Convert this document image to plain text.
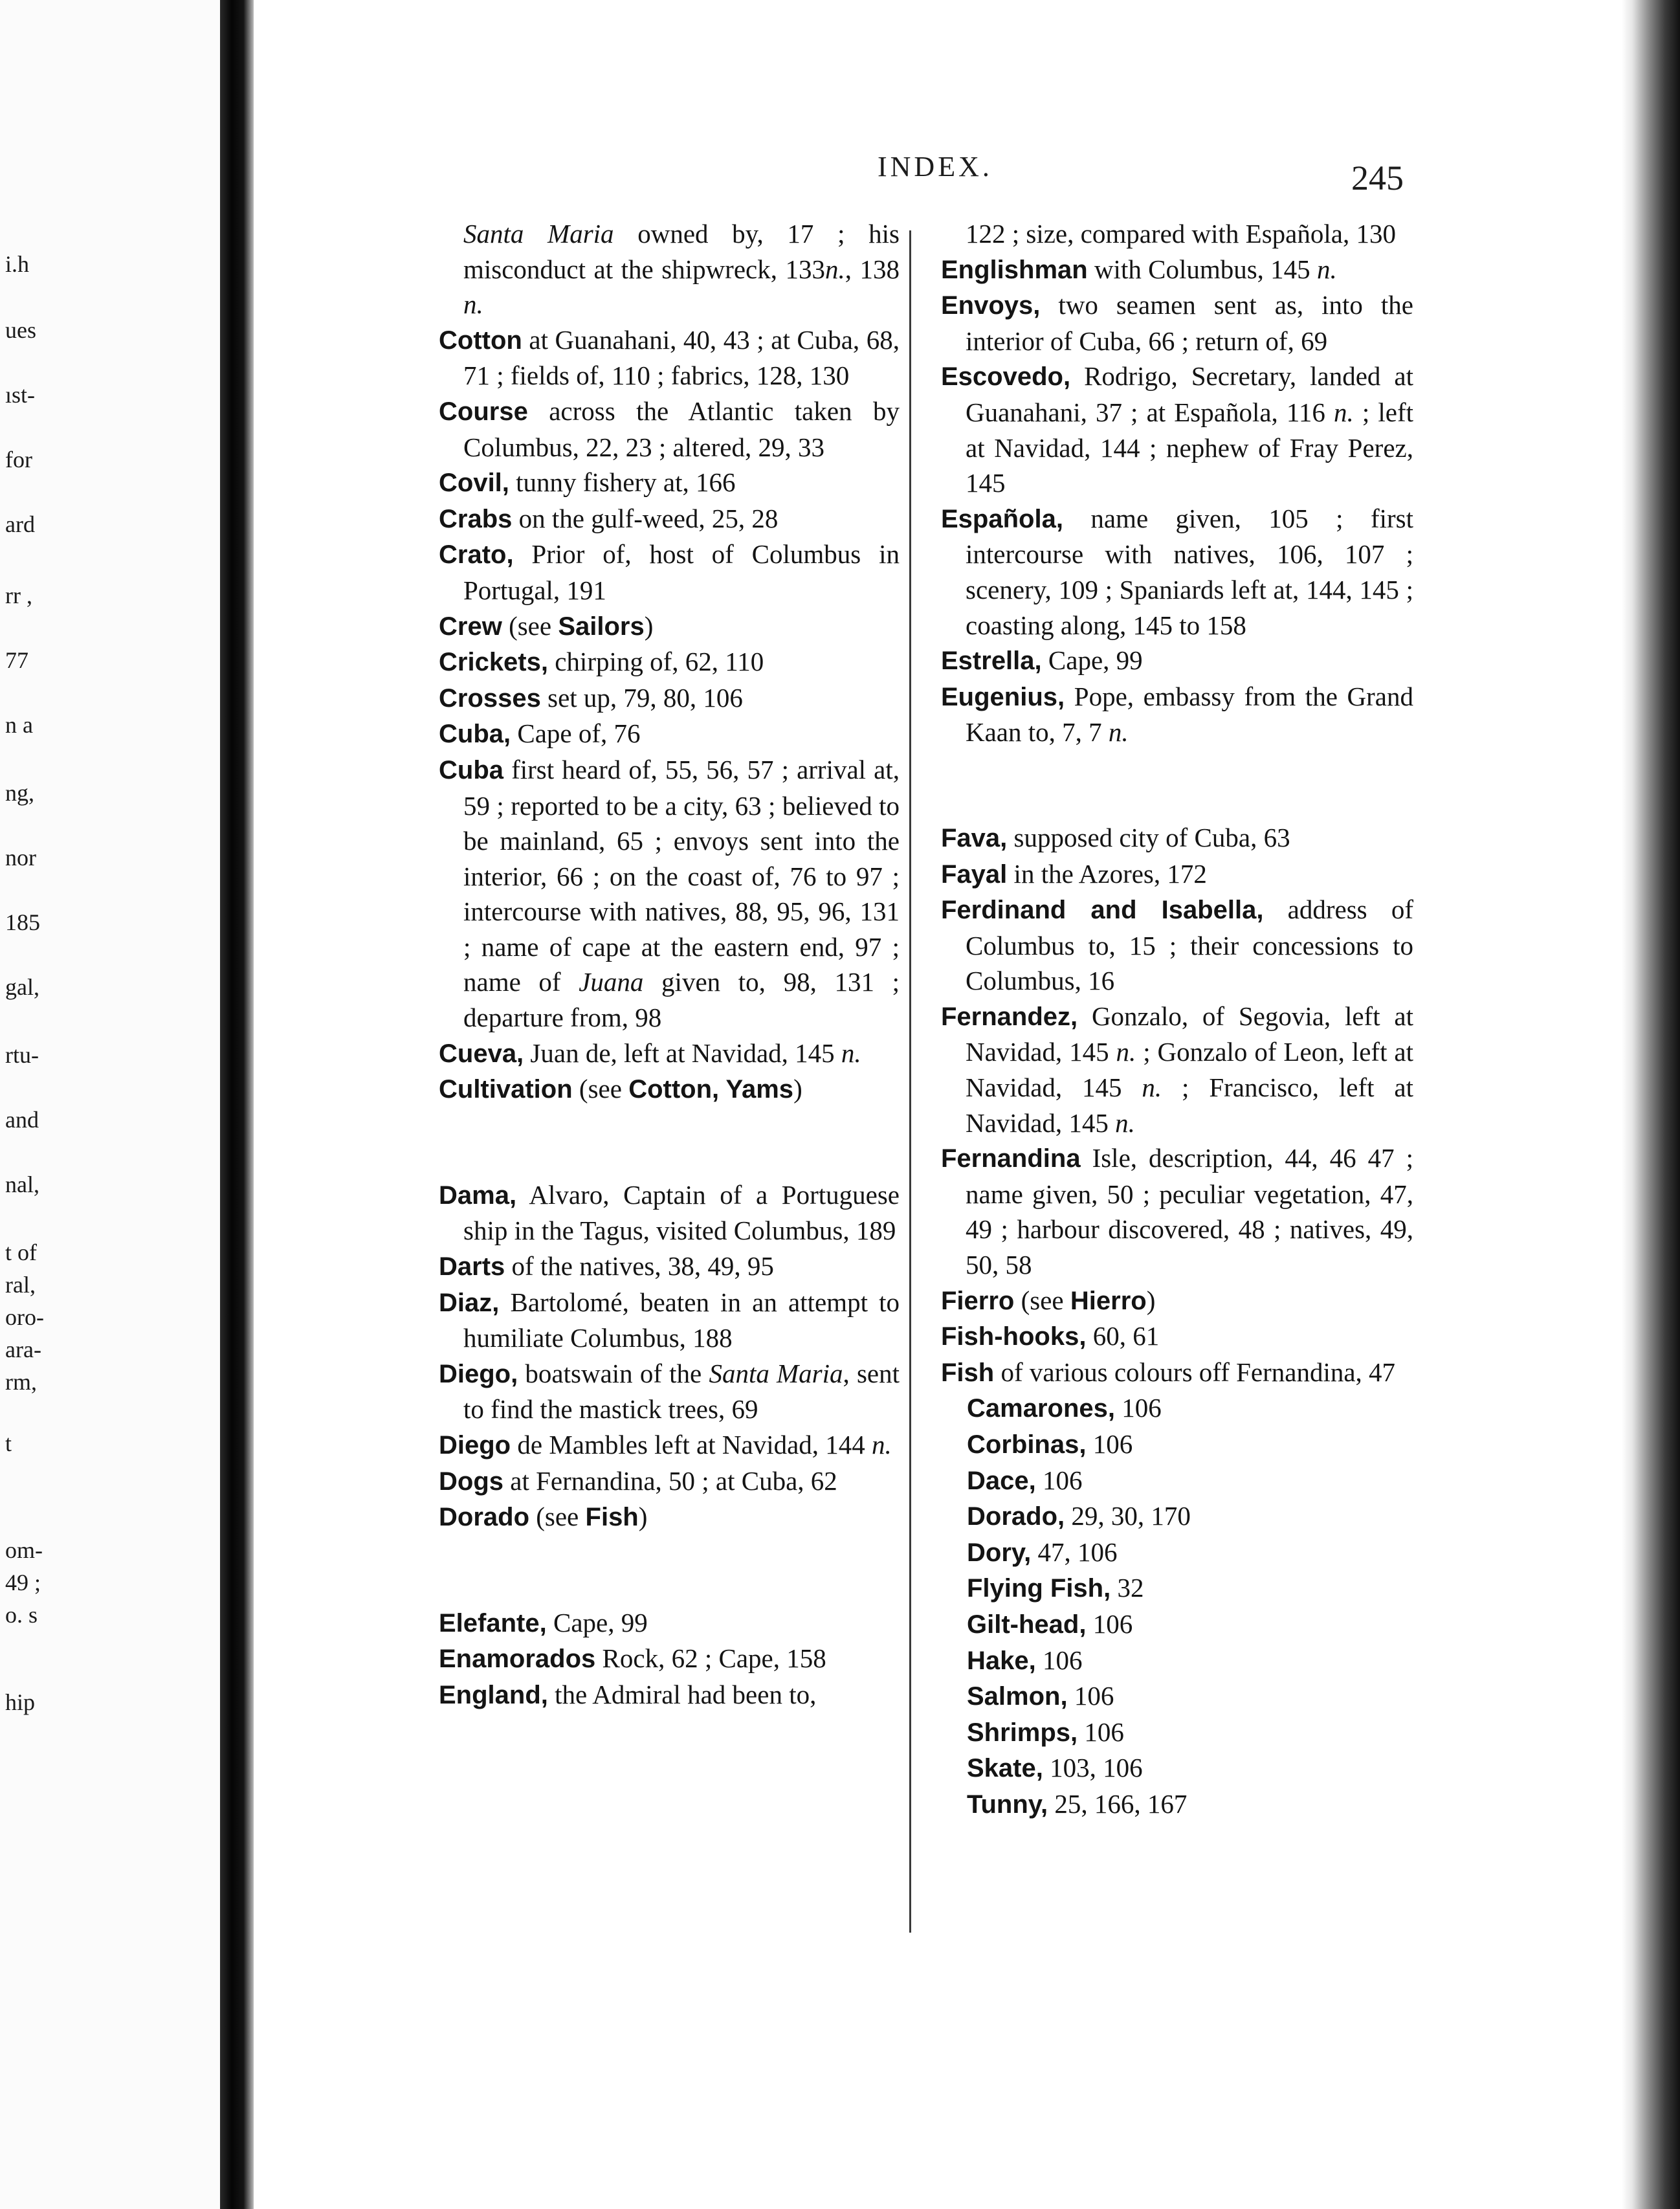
i.h
ues
ıst-
for
ard
rr ,
77
n a
ng,
nor
185
gal,
rtu-
and
nal,
t of
ral,
oro-
ara-
rm,
t
om-
49 ;
o. s
hip
INDEX.	245
Santa Maria owned by, 17 ; his misconduct at the shipwreck, 133n., 138 n.
Cotton at Guanahani, 40, 43 ; at Cuba, 68, 71 ; fields of, 110 ; fabrics, 128, 130
Course across the Atlantic taken by Columbus, 22, 23 ; altered, 29, 33
Covil, tunny fishery at, 166
Crabs on the gulf-weed, 25, 28
Crato, Prior of, host of Columbus in Portugal, 191
Crew (see Sailors)
Crickets, chirping of, 62, 110
Crosses set up, 79, 80, 106
Cuba, Cape of, 76
Cuba first heard of, 55, 56, 57 ; arrival at, 59 ; reported to be a city, 63 ; believed to be mainland, 65 ; envoys sent into the interior, 66 ; on the coast of, 76 to 97 ; intercourse with natives, 88, 95, 96, 131 ; name of cape at the eastern end, 97 ; name of Juana given to, 98, 131 ; departure from, 98
Cueva, Juan de, left at Navidad, 145 n.
Cultivation (see Cotton, Yams)
Dama, Alvaro, Captain of a Portuguese ship in the Tagus, visited Columbus, 189
Darts of the natives, 38, 49, 95
Diaz, Bartolomé, beaten in an attempt to humiliate Columbus, 188
Diego, boatswain of the Santa Maria, sent to find the mastick trees, 69
Diego de Mambles left at Navidad, 144 n.
Dogs at Fernandina, 50 ; at Cuba, 62
Dorado (see Fish)
Elefante, Cape, 99
Enamorados Rock, 62 ; Cape, 158
England, the Admiral had been to,
122 ; size, compared with Española, 130
Englishman with Columbus, 145 n.
Envoys, two seamen sent as, into the interior of Cuba, 66 ; return of, 69
Escovedo, Rodrigo, Secretary, landed at Guanahani, 37 ; at Española, 116 n. ; left at Navidad, 144 ; nephew of Fray Perez, 145
Española, name given, 105 ; first intercourse with natives, 106, 107 ; scenery, 109 ; Spaniards left at, 144, 145 ; coasting along, 145 to 158
Estrella, Cape, 99
Eugenius, Pope, embassy from the Grand Kaan to, 7, 7 n.
Fava, supposed city of Cuba, 63
Fayal in the Azores, 172
Ferdinand and Isabella, address of Columbus to, 15 ; their concessions to Columbus, 16
Fernandez, Gonzalo, of Segovia, left at Navidad, 145 n. ; Gonzalo of Leon, left at Navidad, 145 n. ; Francisco, left at Navidad, 145 n.
Fernandina Isle, description, 44, 46 47 ; name given, 50 ; peculiar vegetation, 47, 49 ; harbour discovered, 48 ; natives, 49, 50, 58
Fierro (see Hierro)
Fish-hooks, 60, 61
Fish of various colours off Fernandina, 47
Camarones, 106
Corbinas, 106
Dace, 106
Dorado, 29, 30, 170
Dory, 47, 106
Flying Fish, 32
Gilt-head, 106
Hake, 106
Salmon, 106
Shrimps, 106
Skate, 103, 106
Tunny, 25, 166, 167
